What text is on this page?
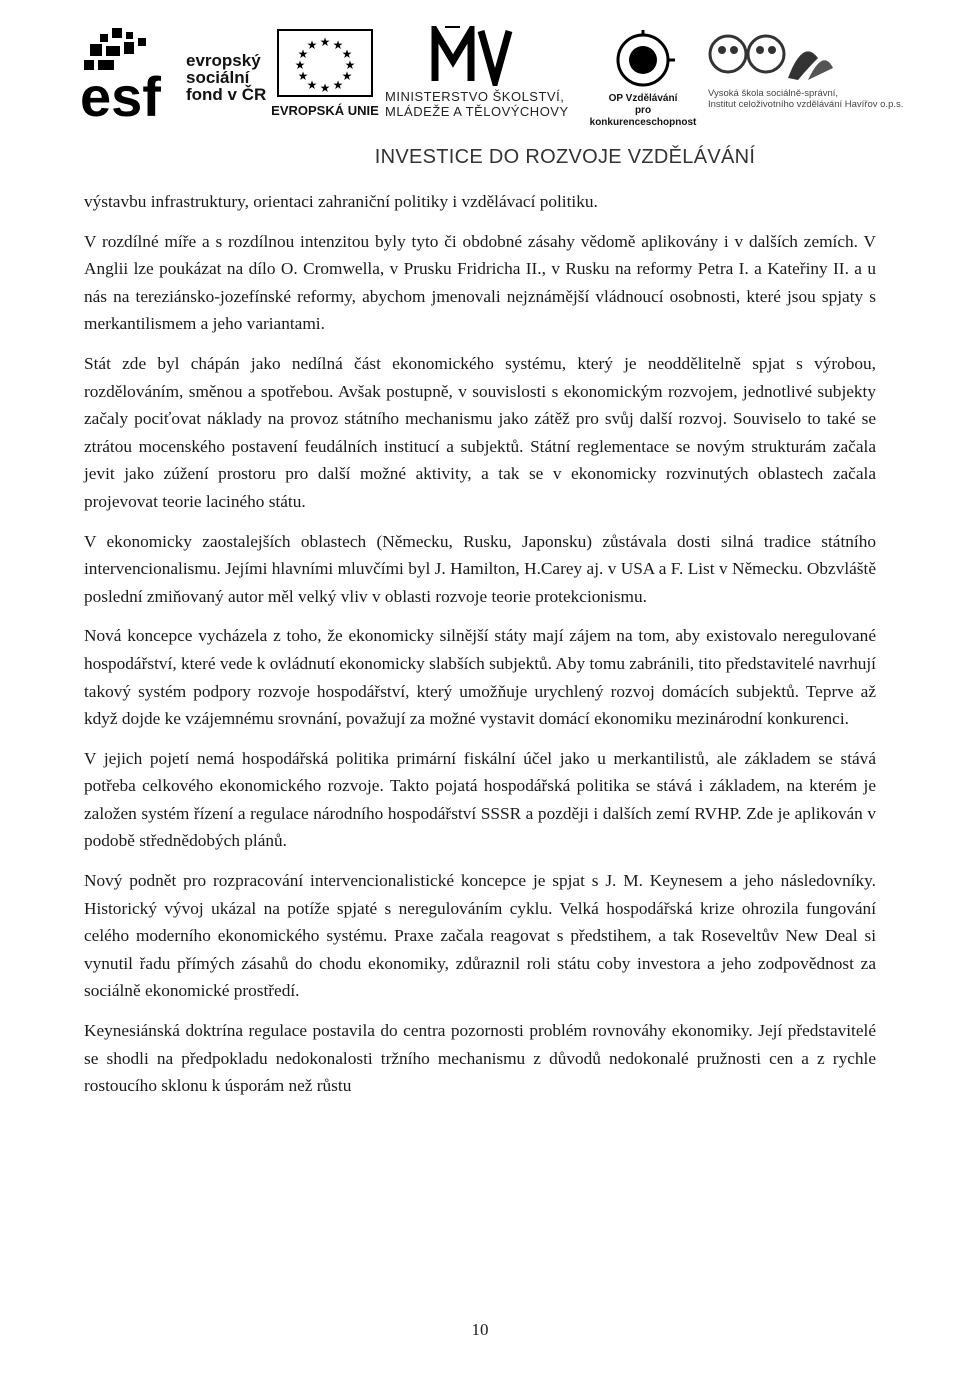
esf
evropský
sociální
fond v ČR
★ ★
★
★
★
★
★
★
★
★
★
★
EVROPSKÁ UNIE
MINISTERSTVO ŠKOLSTVÍ,
MLÁDEŽE A TĚLOVÝCHOVY
OP Vzdělávání
pro konkurenceschopnost
Vysoká škola sociálně-správní,
Institut celoživotního vzdělávání Havířov o.p.s.
INVESTICE DO ROZVOJE VZDĚLÁVÁNÍ

výstavbu infrastruktury, orientaci zahraniční politiky i vzdělávací politiku.

V rozdílné míře a s rozdílnou intenzitou byly tyto či obdobné zásahy vědomě aplikovány i v dalších zemích. V Anglii lze poukázat na dílo O. Cromwella, v Prusku Fridricha II., v Rusku na reformy Petra I. a Kateřiny II. a u nás na tereziánsko-jozefínské reformy, abychom jmenovali nejznámější vládnoucí osobnosti, které jsou spjaty s merkantilismem a jeho variantami.

Stát zde byl chápán jako nedílná část ekonomického systému, který je neoddělitelně spjat s výrobou, rozdělováním, směnou a spotřebou. Avšak postupně, v souvislosti s ekonomickým rozvojem, jednotlivé subjekty začaly pociťovat náklady na provoz státního mechanismu jako zátěž pro svůj další rozvoj. Souviselo to také se ztrátou mocenského postavení feudálních institucí a subjektů. Státní reglementace se novým strukturám začala jevit jako zúžení prostoru pro další možné aktivity, a tak se v ekonomicky rozvinutých oblastech začala projevovat teorie laciného státu.

V ekonomicky zaostalejších oblastech (Německu, Rusku, Japonsku) zůstávala dosti silná tradice státního intervencionalismu. Jejími hlavními mluvčími byl J. Hamilton, H.Carey aj. v USA a F. List v Německu. Obzvláště poslední zmiňovaný autor měl velký vliv v oblasti rozvoje teorie protekcionismu.

Nová koncepce vycházela z toho, že ekonomicky silnější státy mají zájem na tom, aby existovalo neregulované hospodářství, které vede k ovládnutí ekonomicky slabších subjektů. Aby tomu zabránili, tito představitelé navrhují takový systém podpory rozvoje hospodářství, který umožňuje urychlený rozvoj domácích subjektů. Teprve až když dojde ke vzájemnému srovnání, považují za možné vystavit domácí ekonomiku mezinárodní konkurenci.

V jejich pojetí nemá hospodářská politika primární fiskální účel jako u merkantilistů, ale základem se stává potřeba celkového ekonomického rozvoje. Takto pojatá hospodářská politika se stává i základem, na kterém je založen systém řízení a regulace národního hospodářství SSSR a později i dalších zemí RVHP. Zde je aplikován v podobě střednědobých plánů.

Nový podnět pro rozpracování intervencionalistické koncepce je spjat s J. M. Keynesem a jeho následovníky. Historický vývoj ukázal na potíže spjaté s neregulováním cyklu. Velká hospodářská krize ohrozila fungování celého moderního ekonomického systému. Praxe začala reagovat s předstihem, a tak Roseveltův New Deal si vynutil řadu přímých zásahů do chodu ekonomiky, zdůraznil roli státu coby investora a jeho zodpovědnost za sociálně ekonomické prostředí.

Keynesiánská doktrína regulace postavila do centra pozornosti problém rovnováhy ekonomiky. Její představitelé se shodli na předpokladu nedokonalosti tržního mechanismu z důvodů nedokonalé pružnosti cen a z rychle rostoucího sklonu k úsporám než růstu

10
